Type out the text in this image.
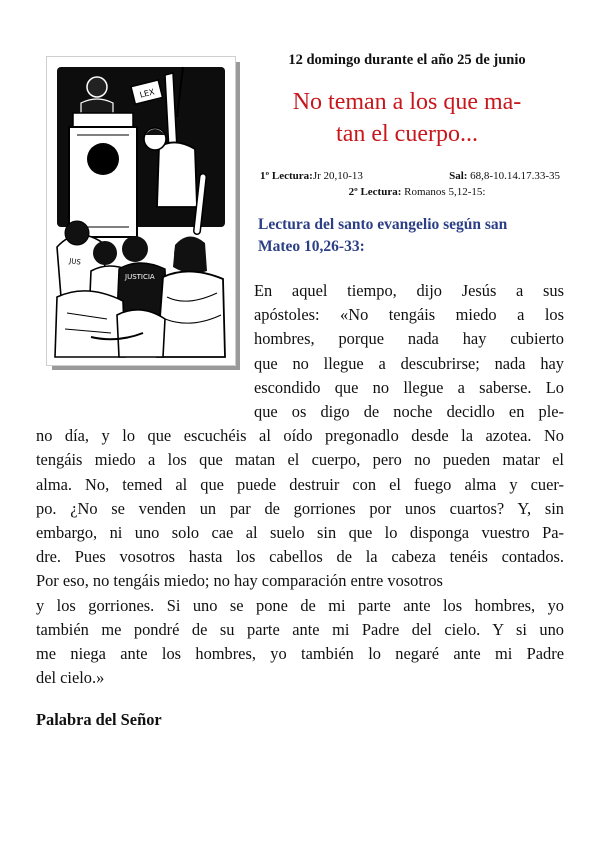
LEX
JUS
JUSTICIA
12 domingo durante el año 25 de junio
No teman a los que ma-
tan el cuerpo...
1º Lectura:Jr 20,10-13	Sal: 68,8-10.14.17.33-35
2º Lectura: Romanos 5,12-15:
Lectura del santo evangelio según san
Mateo 10,26-33:
En aquel tiempo, dijo Jesús a sus
apóstoles: «No tengáis miedo a los
hombres, porque nada hay cubierto
que no llegue a descubrirse; nada hay
escondido que no llegue a saberse. Lo
que os digo de noche decidlo en ple-
no día, y lo que escuchéis al oído pregonadlo desde la azotea. No
tengáis miedo a los que matan el cuerpo, pero no pueden matar el
alma. No, temed al que puede destruir con el fuego alma y cuer-
po. ¿No se venden un par de gorriones por unos cuartos? Y, sin
embargo, ni uno solo cae al suelo sin que lo disponga vuestro Pa-
dre. Pues vosotros hasta los cabellos de la cabeza tenéis contados.
Por eso, no tengáis miedo; no hay comparación entre vosotros
y los gorriones. Si uno se pone de mi parte ante los hombres, yo
también me pondré de su parte ante mi Padre del cielo. Y si uno
me niega ante los hombres, yo también lo negaré ante mi Padre
del cielo.»
Palabra del Señor
